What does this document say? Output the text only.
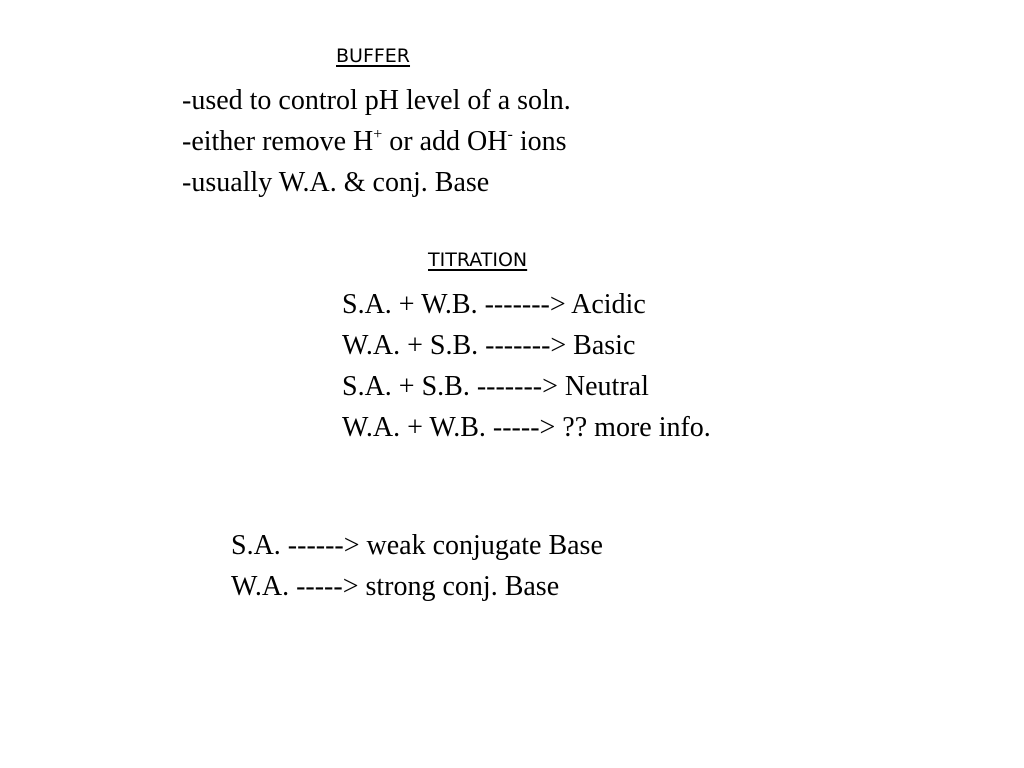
BUFFER
-used to control pH level of a soln.
-either remove H+ or add OH- ions
-usually W.A. & conj. Base
TITRATION
S.A. + W.B. -------> Acidic
W.A. + S.B. -------> Basic
S.A. + S.B. -------> Neutral
W.A. + W.B. -----> ?? more info.
S.A. ------> weak conjugate Base
W.A. -----> strong conj. Base
